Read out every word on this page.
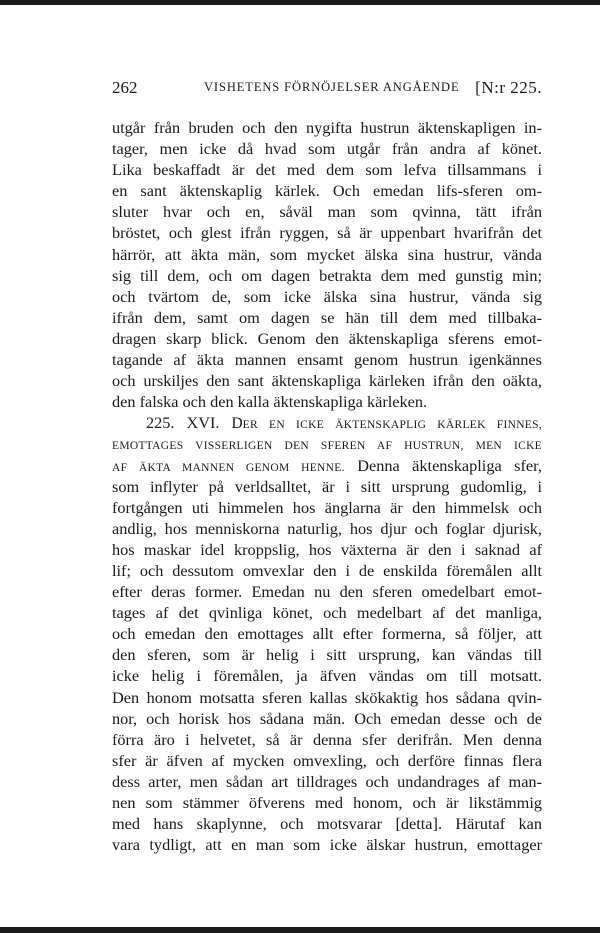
262	VISHETENS FÖRNÖJELSER ANGÅENDE [N:r 225.
utgår från bruden och den nygifta hustrun äktenskapligen in-
tager, men icke då hvad som utgår från andra af könet.
Lika beskaffadt är det med dem som lefva tillsammans i
en sant äktenskaplig kärlek. Och emedan lifs-sferen om-
sluter hvar och en, såväl man som qvinna, tätt ifrån
bröstet, och glest ifrån ryggen, så är uppenbart hvarifrån det
härrör, att äkta män, som mycket älska sina hustrur, vända
sig till dem, och om dagen betrakta dem med gunstig min;
och tvärtom de, som icke älska sina hustrur, vända sig
ifrån dem, samt om dagen se hän till dem med tillbaka-
dragen skarp blick. Genom den äktenskapliga sferens emot-
tagande af äkta mannen ensamt genom hustrun igenkännes
och urskiljes den sant äktenskapliga kärleken ifrån den oäkta,
den falska och den kalla äktenskapliga kärleken.
225. XVI. DER EN ICKE ÄKTENSKAPLIG KÄRLEK FINNES,
EMOTTAGES VISSERLIGEN DEN SFEREN AF HUSTRUN, MEN ICKE
AF ÄKTA MANNEN GENOM HENNE. Denna äktenskapliga sfer,
som inflyter på verldsalltet, är i sitt ursprung gudomlig, i
fortgången uti himmelen hos änglarna är den himmelsk och
andlig, hos menniskorna naturlig, hos djur och foglar djurisk,
hos maskar idel kroppslig, hos växterna är den i saknad af
lif; och dessutom omvexlar den i de enskilda föremålen allt
efter deras former. Emedan nu den sferen omedelbart emot-
tages af det qvinliga könet, och medelbart af det manliga,
och emedan den emottages allt efter formerna, så följer, att
den sferen, som är helig i sitt ursprung, kan vändas till
icke helig i föremålen, ja äfven vändas om till motsatt.
Den honom motsatta sferen kallas skökaktig hos sådana qvin-
nor, och horisk hos sådana män. Och emedan desse och de
förra äro i helvetet, så är denna sfer derifrån. Men denna
sfer är äfven af mycken omvexling, och derföre finnas flera
dess arter, men sådan art tilldrages och undandrages af man-
nen som stämmer öfverens med honom, och är likstämmig
med hans skaplynne, och motsvarar [detta]. Härutaf kan
vara tydligt, att en man som icke älskar hustrun, emottager
